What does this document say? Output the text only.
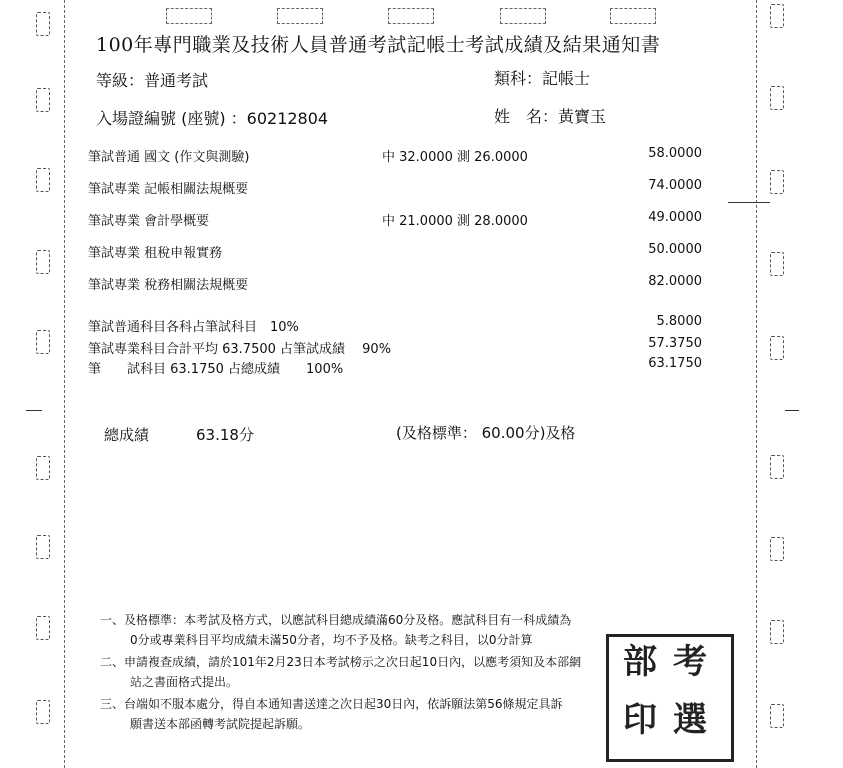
100年專門職業及技術人員普通考試記帳士考試成績及結果通知書
等級：普通考試	類科：記帳士
入場證編號 (座號) ：60212804	姓　名：黃寶玉
筆試普通 國文 (作文與測驗)	中 32.0000 測 26.0000	58.0000
筆試專業 記帳相關法規概要	74.0000
筆試專業 會計學概要	中 21.0000 測 28.0000	49.0000
筆試專業 租稅申報實務	50.0000
筆試專業 稅務相關法規概要	82.0000
筆試普通科目各科占筆試科目　10%	5.8000
筆試專業科目合計平均 63.7500 占筆試成績　 90%	57.3750
筆　　試科目 63.1750 占總成績　　100%	63.1750
總成績	63.18分	(及格標準： 60.00分)及格
一、及格標準：本考試及格方式，以應試科目總成績滿60分及格。應試科目有一科成績為
0分或專業科目平均成績未滿50分者，均不予及格。缺考之科目，以0分計算
二、申請複查成績，請於101年2月23日本考試榜示之次日起10日內，以應考須知及本部網
站之書面格式提出。
三、台端如不服本處分，得自本通知書送達之次日起30日內，依訴願法第56條規定具訴
願書送本部函轉考試院提起訴願。
考
選
部
印
